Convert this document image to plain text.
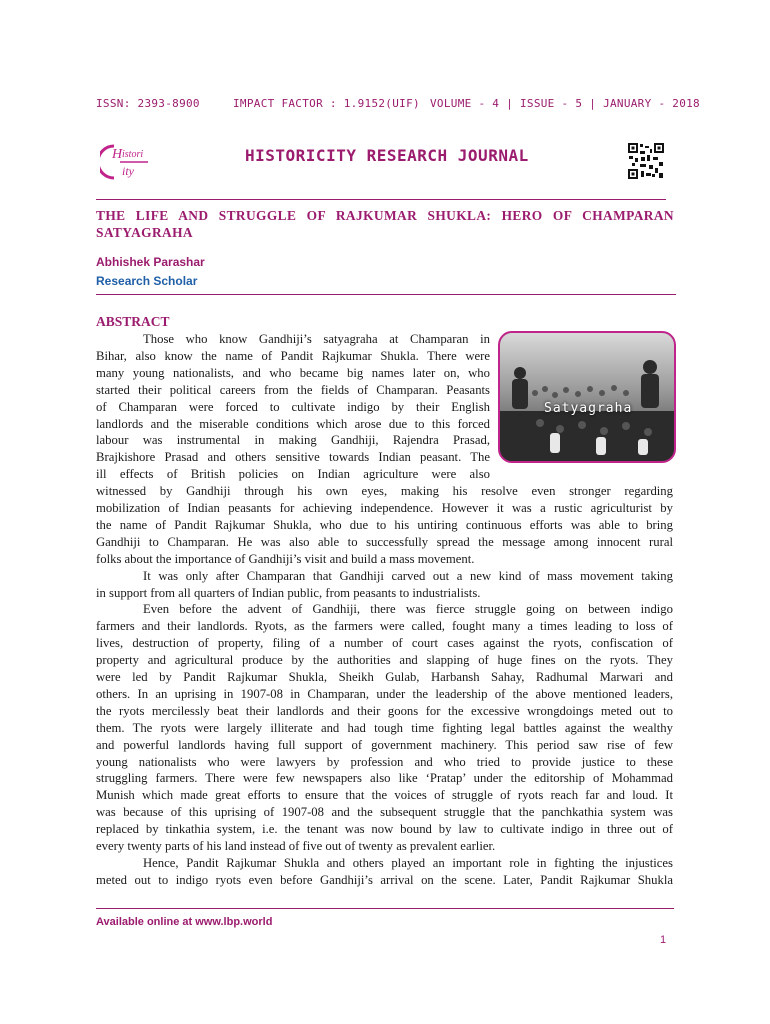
ISSN: 2393-8900	IMPACT FACTOR : 1.9152(UIF) VOLUME - 4 | ISSUE - 5 | JANUARY - 2018
H istori
ity
HISTORICITY RESEARCH JOURNAL
THE LIFE AND STRUGGLE OF RAJKUMAR SHUKLA: HERO OF CHAMPARAN
SATYAGRAHA
Abhishek Parashar
Research Scholar
ABSTRACT
Satyagraha
Those who know Gandhiji’s satyagraha at Champaran in
Bihar, also know the name of Pandit Rajkumar Shukla. There were
many young nationalists, and who became big names later on, who
started their political careers from the fields of Champaran. Peasants
of Champaran were forced to cultivate indigo by their English
landlords and the miserable conditions which arose due to this forced
labour was instrumental in making Gandhiji, Rajendra Prasad,
Brajkishore Prasad and others sensitive towards Indian peasant. The
ill effects of British policies on Indian agriculture were also
witnessed by Gandhiji through his own eyes, making his resolve even stronger regarding
mobilization of Indian peasants for achieving independence. However it was a rustic agriculturist by
the name of Pandit Rajkumar Shukla, who due to his untiring continuous efforts was able to bring
Gandhiji to Champaran. He was also able to successfully spread the message among innocent rural
folks about the importance of Gandhiji’s visit and build a mass movement.
It was only after Champaran that Gandhiji carved out a new kind of mass movement taking
in support from all quarters of Indian public, from peasants to industrialists.
Even before the advent of Gandhiji, there was fierce struggle going on between indigo
farmers and their landlords. Ryots, as the farmers were called, fought many a times leading to loss of
lives, destruction of property, filing of a number of court cases against the ryots, confiscation of
property and agricultural produce by the authorities and slapping of huge fines on the ryots. They
were led by Pandit Rajkumar Shukla, Sheikh Gulab, Harbansh Sahay, Radhumal Marwari and
others. In an uprising in 1907-08 in Champaran, under the leadership of the above mentioned leaders,
the ryots mercilessly beat their landlords and their goons for the excessive wrongdoings meted out to
them. The ryots were largely illiterate and had tough time fighting legal battles against the wealthy
and powerful landlords having full support of government machinery. This period saw rise of few
young nationalists who were lawyers by profession and who tried to provide justice to these
struggling farmers. There were few newspapers also like ‘Pratap’ under the editorship of Mohammad
Munish which made great efforts to ensure that the voices of struggle of ryots reach far and loud. It
was because of this uprising of 1907-08 and the subsequent struggle that the panchkathia system was
replaced by tinkathia system, i.e. the tenant was now bound by law to cultivate indigo in three out of
every twenty parts of his land instead of five out of twenty as prevalent earlier.
Hence, Pandit Rajkumar Shukla and others played an important role in fighting the injustices
meted out to indigo ryots even before Gandhiji’s arrival on the scene. Later, Pandit Rajkumar Shukla
Available online at www.lbp.world
1
